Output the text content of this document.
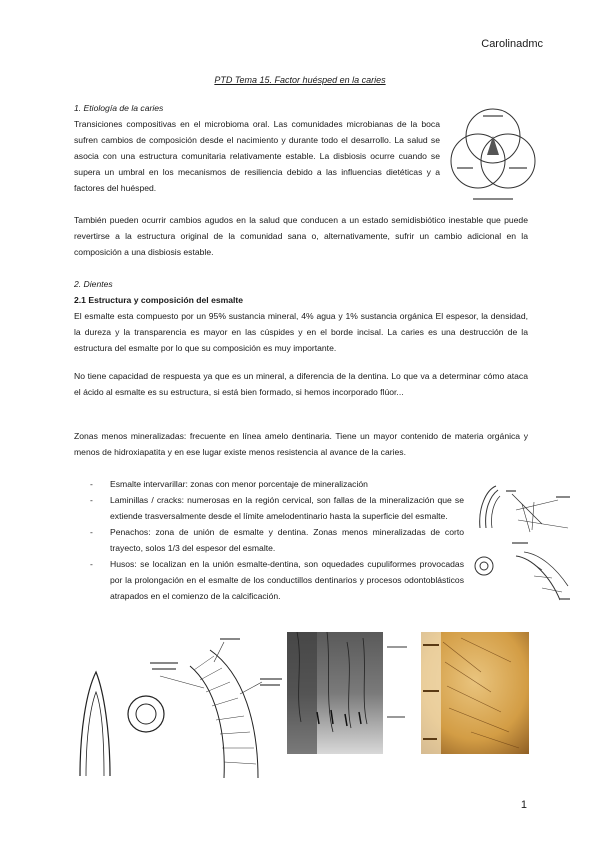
Carolinadmc
PTD Tema 15. Factor huésped en la caries
1. Etiología de la caries
Transiciones compositivas en el microbioma oral. Las comunidades microbianas de la boca sufren cambios de composición desde el nacimiento y durante todo el desarrollo. La salud se asocia con una estructura comunitaria relativamente estable. La disbiosis ocurre cuando se supera un umbral en los mecanismos de resiliencia debido a las influencias dietéticas y a factores del huésped.
También pueden ocurrir cambios agudos en la salud que conducen a un estado semidisbiótico inestable que puede revertirse a la estructura original de la comunidad sana o, alternativamente, sufrir un cambio adicional en la composición a una disbiosis estable.
2. Dientes
2.1 Estructura y composición del esmalte
El esmalte esta compuesto por un 95% sustancia mineral, 4% agua y 1% sustancia orgánica El espesor, la densidad, la dureza y la transparencia es mayor en las cúspides y en el borde incisal. La caries es una destrucción de la estructura del esmalte por lo que su composición es muy importante.
No tiene capacidad de respuesta ya que es un mineral, a diferencia de la dentina. Lo que va a determinar cómo ataca el ácido al esmalte es su estructura, si está bien formado, si hemos incorporado flúor...
Zonas menos mineralizadas: frecuente en línea amelo dentinaria. Tiene un mayor contenido de materia orgánica y menos de hidroxiapatita y en ese lugar existe menos resistencia al avance de la caries.
- Esmalte intervarillar: zonas con menor porcentaje de mineralización
- Laminillas / cracks: numerosas en la región cervical, son fallas de la mineralización que se extiende trasversalmente desde el límite amelodentinario hasta la superficie del esmalte.
- Penachos: zona de unión de esmalte y dentina. Zonas menos mineralizadas de corto trayecto, solos 1/3 del espesor del esmalte.
- Husos: se localizan en la unión esmalte-dentina, son oquedades cupuliformes provocadas por la prolongación en el esmalte de los conductillos dentinarios y procesos odontoblásticos atrapados en el comienzo de la calcificación.
1
